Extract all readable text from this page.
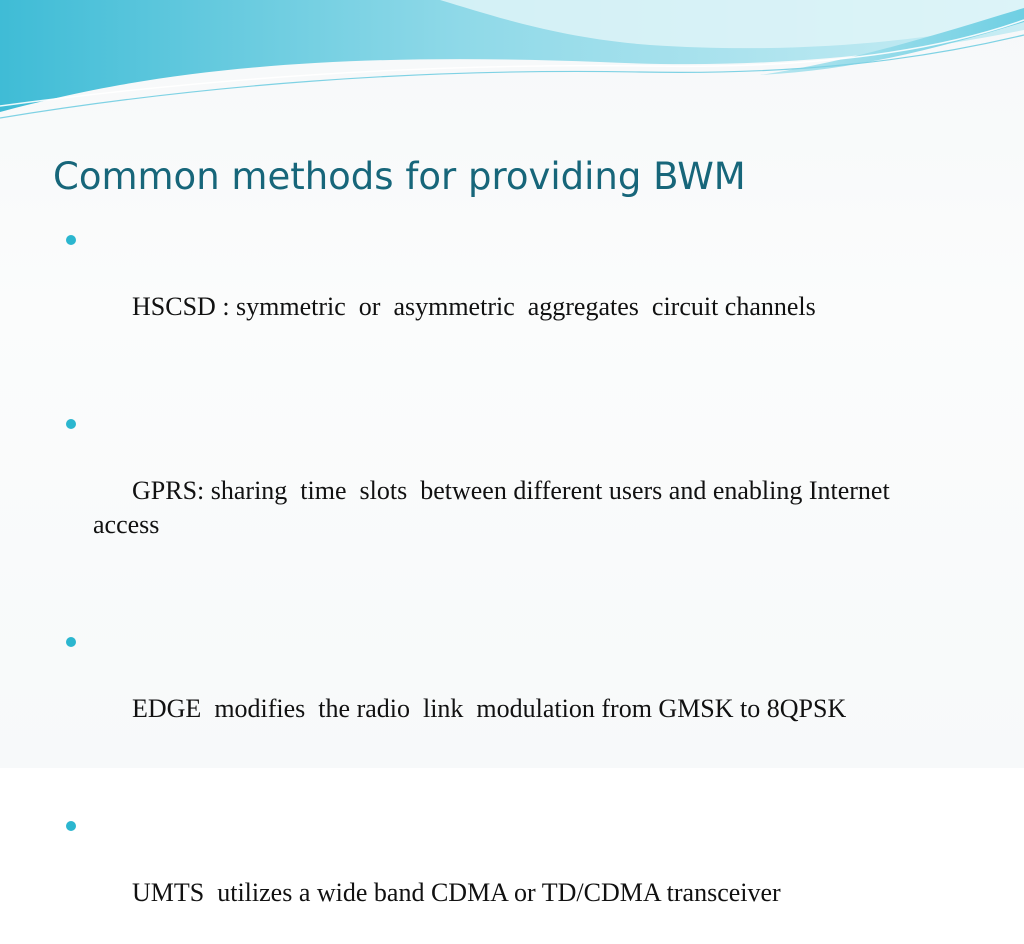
Common methods for providing BWM

HSCSD : symmetric  or  asymmetric  aggregates  circuit channels

GPRS: sharing  time  slots  between different users and enabling Internet   access

EDGE  modifies  the radio  link  modulation from GMSK to 8QPSK

UMTS  utilizes a wide band CDMA or TD/CDMA transceiver
